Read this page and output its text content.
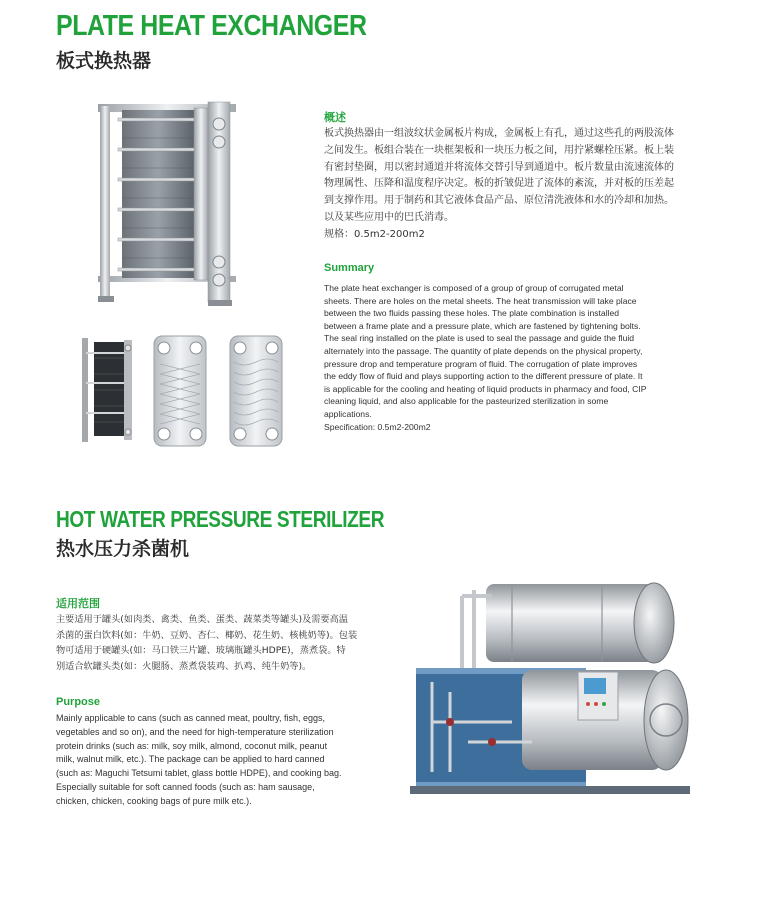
PLATE HEAT EXCHANGER
板式换热器
概述
板式换热器由一组波纹状金属板片构成，金属板上有孔，通过这些孔的两股流体
之间发生。板组合装在一块框架板和一块压力板之间，用拧紧螺栓压紧。板上装
有密封垫圈，用以密封通道并将流体交替引导到通道中。板片数量由流速流体的
物理属性、压降和温度程序决定。板的折皱促进了流体的紊流，并对板的压差起
到支撑作用。用于制药和其它液体食品产品、原位清洗液体和水的冷却和加热。
以及某些应用中的巴氏消毒。
规格：0.5m2-200m2
Summary
The plate heat exchanger is composed of a group of group of corrugated metal
sheets. There are holes on the metal sheets. The heat transmission will take place
between the two fluids passing these holes. The plate combination is installed
between a frame plate and a pressure plate, which are fastened by tightening bolts.
The seal ring installed on the plate is used to seal the passage and guide the fluid
alternately into the passage. The quantity of plate depends on the physical property,
pressure drop and temperature program of fluid. The corrugation of plate improves
the eddy flow of fluid and plays supporting action to the different pressure of plate. It
is applicable for the cooling and heating of liquid products in pharmacy and food, CIP
cleaning liquid, and also applicable for the pasteurized sterilization in some
applications.
Specification: 0.5m2-200m2
HOT WATER PRESSURE STERILIZER
热水压力杀菌机
适用范围
主要适用于罐头(如肉类、禽类、鱼类、蛋类、蔬菜类等罐头)及需要高温
杀菌的蛋白饮料(如：牛奶、豆奶、杏仁、椰奶、花生奶、核桃奶等)。包装
物可适用于硬罐头(如：马口铁三片罐、玻璃瓶罐头HDPE)，蒸煮袋。特
别适合软罐头类(如：火腿肠、蒸煮袋装鸡、扒鸡、纯牛奶等)。
Purpose
Mainly applicable to cans (such as canned meat, poultry, fish, eggs,
vegetables and so on), and the need for high-temperature sterilization
protein drinks (such as: milk, soy milk, almond, coconut milk, peanut
milk, walnut milk, etc.). The package can be applied to hard canned
(such as: Maguchi Tetsumi tablet, glass bottle HDPE), and cooking bag.
Especially suitable for soft canned foods (such as: ham sausage,
chicken, chicken, cooking bags of pure milk etc.).
